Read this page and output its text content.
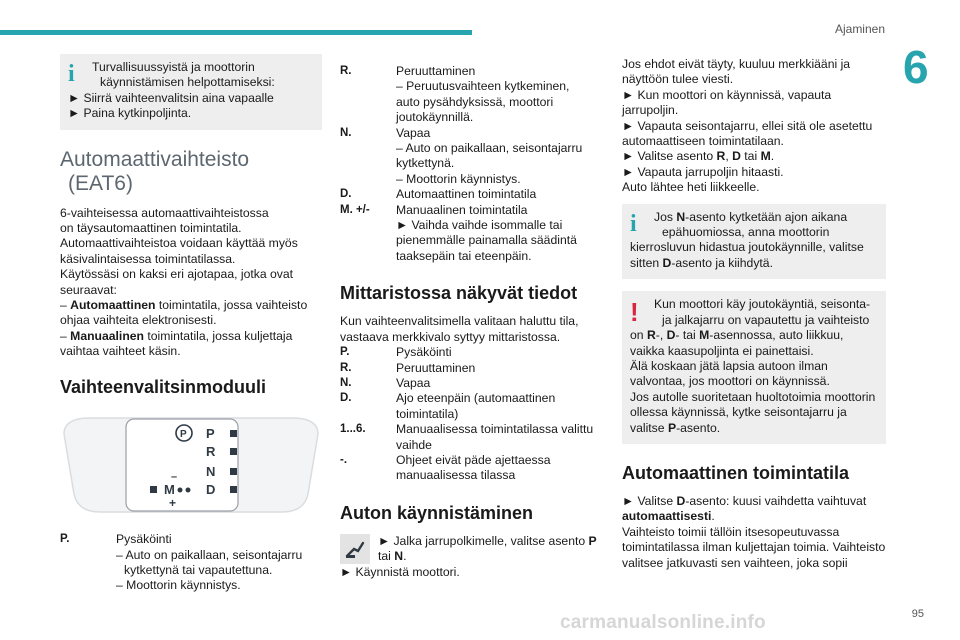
Ajaminen
6
i	Turvallisuussyistä ja moottorin
käynnistämisen helpottamiseksi:
► Siirrä vaihteenvalitsin aina vapaalle
► Paina kytkinpoljinta.
Automaattivaihteisto
(EAT6)
6-vaihteisessa automaattivaihteistossa
on täysautomaattinen toimintatila.
Automaattivaihteistoa voidaan käyttää myös
käsivalintaisessa toimintatilassa.
Käytössäsi on kaksi eri ajotapaa, jotka ovat
seuraavat:
– Automaattinen toimintatila, jossa vaihteisto
ohjaa vaihteita elektronisesti.
– Manuaalinen toimintatila, jossa kuljettaja
vaihtaa vaihteet käsin.
Vaihteenvalitsinmoduuli
P P
R
N
D
–
M
+
P.	Pysäköinti
– Auto on paikallaan, seisontajarru
kytkettynä tai vapautettuna.
– Moottorin käynnistys.
R.	Peruuttaminen
– Peruutusvaihteen kytkeminen,
auto pysähdyksissä, moottori
joutokäynnillä.
N.	Vapaa
– Auto on paikallaan, seisontajarru
kytkettynä.
– Moottorin käynnistys.
D.	Automaattinen toimintatila
M. +/-	Manuaalinen toimintatila
► Vaihda vaihde isommalle tai
pienemmälle painamalla säädintä
taaksepäin tai eteenpäin.
Mittaristossa näkyvät tiedot
Kun vaihteenvalitsimella valitaan haluttu tila,
vastaava merkkivalo syttyy mittaristossa.
P.	Pysäköinti
R.	Peruuttaminen
N.	Vapaa
D.	Ajo eteenpäin (automaattinen
toimintatila)
1...6.	Manuaalisessa toimintatilassa valittu
vaihde
-.	Ohjeet eivät päde ajettaessa
manuaalisessa tilassa
Auton käynnistäminen
► Jalka jarrupolkimelle, valitse asento P
tai N.
► Käynnistä moottori.
Jos ehdot eivät täyty, kuuluu merkkiääni ja
näyttöön tulee viesti.
► Kun moottori on käynnissä, vapauta
jarrupoljin.
► Vapauta seisontajarru, ellei sitä ole asetettu
automaattiseen toimintatilaan.
► Valitse asento R, D tai M.
► Vapauta jarrupoljin hitaasti.
Auto lähtee heti liikkeelle.
i	Jos N-asento kytketään ajon aikana
epähuomiossa, anna moottorin
kierrosluvun hidastua joutokäynnille, valitse
sitten D-asento ja kiihdytä.
!	Kun moottori käy joutokäyntiä, seisonta-
ja jalkajarru on vapautettu ja vaihteisto
on R-, D- tai M-asennossa, auto liikkuu,
vaikka kaasupoljinta ei painettaisi.
Älä koskaan jätä lapsia autoon ilman
valvontaa, jos moottori on käynnissä.
Jos autolle suoritetaan huoltotoimia moottorin
ollessa käynnissä, kytke seisontajarru ja
valitse P-asento.
Automaattinen toimintatila
► Valitse D-asento: kuusi vaihdetta vaihtuvat
automaattisesti.
Vaihteisto toimii tällöin itsesopeutuvassa
toimintatilassa ilman kuljettajan toimia. Vaihteisto
valitsee jatkuvasti sen vaihteen, joka sopii
carmanualsonline.info	95
